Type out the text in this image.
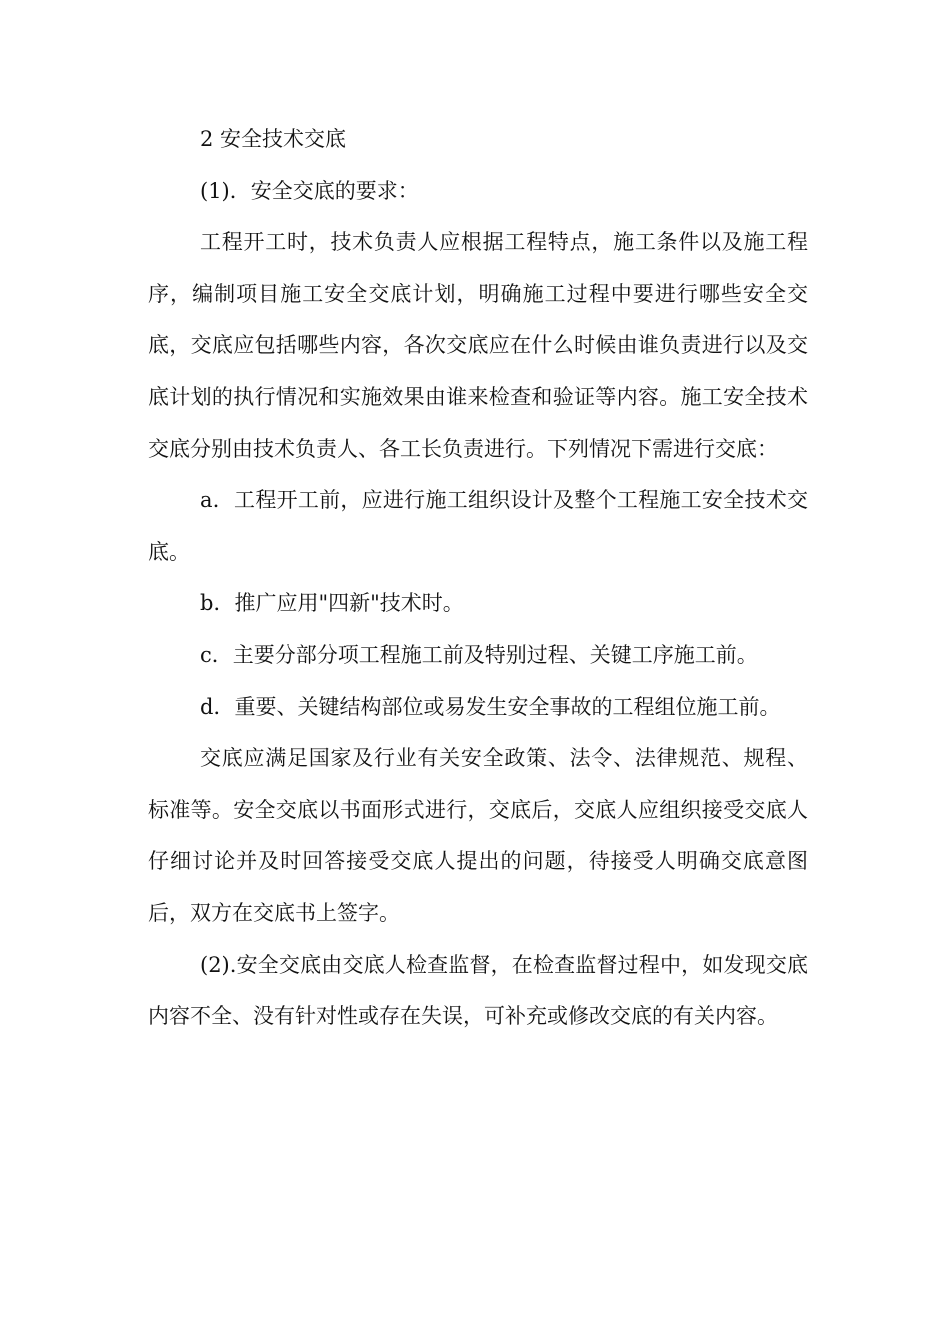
2 安全技术交底

(1)．安全交底的要求：

工程开工时，技术负责人应根据工程特点，施工条件以及施工程序，编制项目施工安全交底计划，明确施工过程中要进行哪些安全交底，交底应包括哪些内容，各次交底应在什么时候由谁负责进行以及交底计划的执行情况和实施效果由谁来检查和验证等内容。施工安全技术交底分别由技术负责人、各工长负责进行。下列情况下需进行交底：

a．工程开工前，应进行施工组织设计及整个工程施工安全技术交底。

b．推广应用"四新"技术时。

c．主要分部分项工程施工前及特别过程、关键工序施工前。

d．重要、关键结构部位或易发生安全事故的工程组位施工前。

交底应满足国家及行业有关安全政策、法令、法律规范、规程、标准等。安全交底以书面形式进行，交底后，交底人应组织接受交底人仔细讨论并及时回答接受交底人提出的问题，待接受人明确交底意图后，双方在交底书上签字。

(2).安全交底由交底人检查监督，在检查监督过程中，如发现交底内容不全、没有针对性或存在失误，可补充或修改交底的有关内容。
